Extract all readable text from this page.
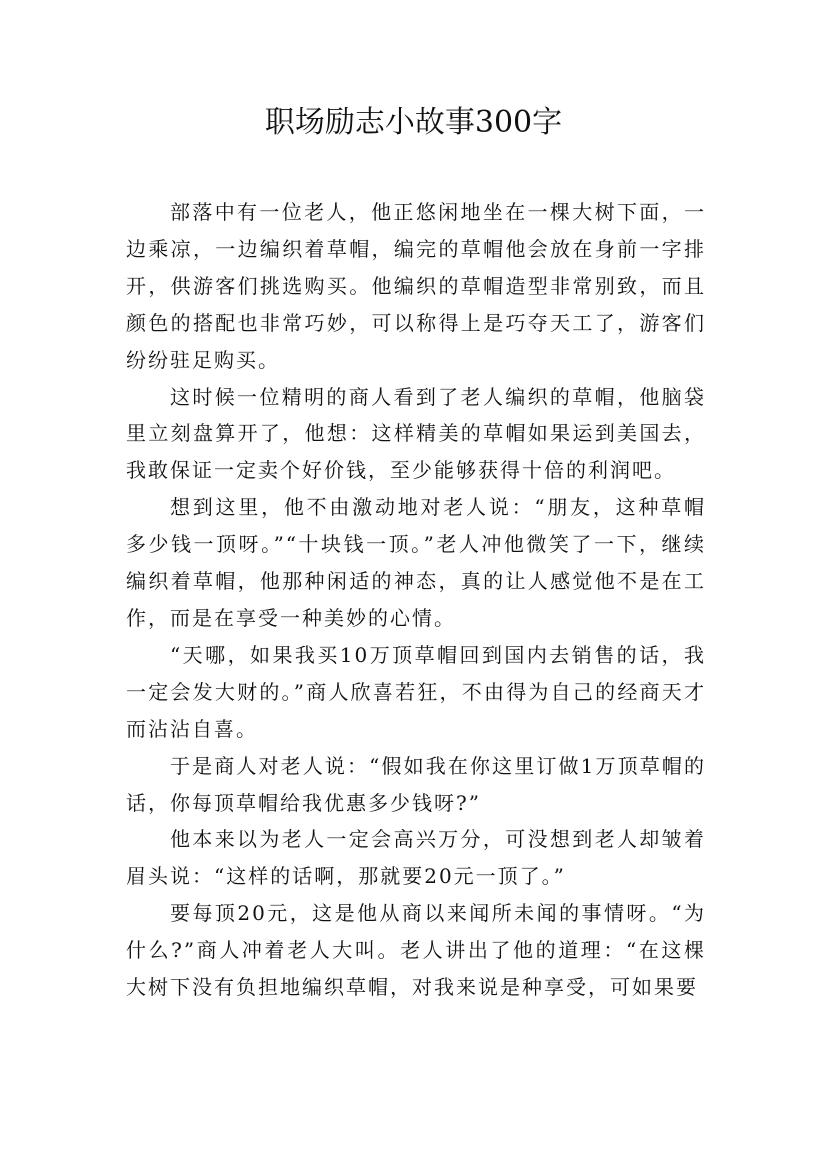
职场励志小故事300字

部落中有一位老人，他正悠闲地坐在一棵大树下面，一边乘凉，一边编织着草帽，编完的草帽他会放在身前一字排开，供游客们挑选购买。他编织的草帽造型非常别致，而且颜色的搭配也非常巧妙，可以称得上是巧夺天工了，游客们纷纷驻足购买。

这时候一位精明的商人看到了老人编织的草帽，他脑袋里立刻盘算开了，他想：这样精美的草帽如果运到美国去，我敢保证一定卖个好价钱，至少能够获得十倍的利润吧。

想到这里，他不由激动地对老人说：“朋友，这种草帽多少钱一顶呀。”“十块钱一顶。”老人冲他微笑了一下，继续编织着草帽，他那种闲适的神态，真的让人感觉他不是在工作，而是在享受一种美妙的心情。

“天哪，如果我买10万顶草帽回到国内去销售的话，我一定会发大财的。”商人欣喜若狂，不由得为自己的经商天才而沾沾自喜。

于是商人对老人说：“假如我在你这里订做1万顶草帽的话，你每顶草帽给我优惠多少钱呀?”

他本来以为老人一定会高兴万分，可没想到老人却皱着眉头说：“这样的话啊，那就要20元一顶了。”

要每顶20元，这是他从商以来闻所未闻的事情呀。“为什么?”商人冲着老人大叫。老人讲出了他的道理：“在这棵大树下没有负担地编织草帽，对我来说是种享受，可如果要
